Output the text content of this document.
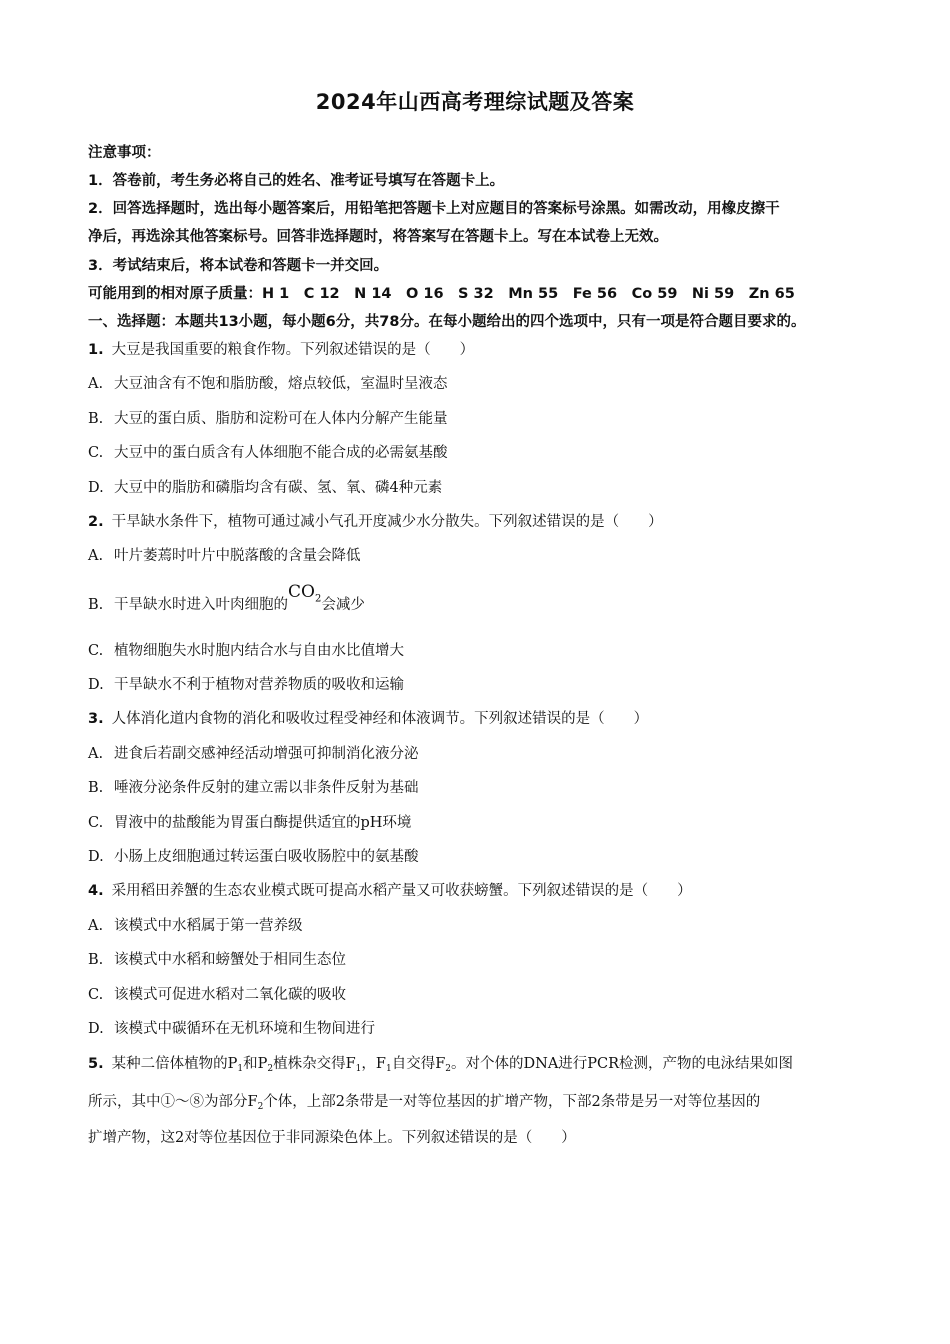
2024年山西高考理综试题及答案
注意事项：
1．答卷前，考生务必将自己的姓名、准考证号填写在答题卡上。
2．回答选择题时，选出每小题答案后，用铅笔把答题卡上对应题目的答案标号涂黑。如需改动，用橡皮擦干
净后，再选涂其他答案标号。回答非选择题时，将答案写在答题卡上。写在本试卷上无效。
3．考试结束后，将本试卷和答题卡一并交回。
可能用到的相对原子质量：H 1　C 12　N 14　O 16　S 32　Mn 55　Fe 56　Co 59　Ni 59　Zn 65
一、选择题：本题共13小题，每小题6分，共78分。在每小题给出的四个选项中，只有一项是符合题目要求的。
1. 大豆是我国重要的粮食作物。下列叙述错误的是（　　）
A. 大豆油含有不饱和脂肪酸，熔点较低，室温时呈液态
B. 大豆的蛋白质、脂肪和淀粉可在人体内分解产生能量
C. 大豆中的蛋白质含有人体细胞不能合成的必需氨基酸
D. 大豆中的脂肪和磷脂均含有碳、氢、氧、磷4种元素
2. 干旱缺水条件下，植物可通过减小气孔开度减少水分散失。下列叙述错误的是（　　）
A. 叶片萎蔫时叶片中脱落酸的含量会降低
B. 干旱缺水时进入叶肉细胞的$CO_2$会减少
C. 植物细胞失水时胞内结合水与自由水比值增大
D. 干旱缺水不利于植物对营养物质的吸收和运输
3. 人体消化道内食物的消化和吸收过程受神经和体液调节。下列叙述错误的是（　　）
A. 进食后若副交感神经活动增强可抑制消化液分泌
B. 唾液分泌条件反射的建立需以非条件反射为基础
C. 胃液中的盐酸能为胃蛋白酶提供适宜的pH环境
D. 小肠上皮细胞通过转运蛋白吸收肠腔中的氨基酸
4. 采用稻田养蟹的生态农业模式既可提高水稻产量又可收获螃蟹。下列叙述错误的是（　　）
A. 该模式中水稻属于第一营养级
B. 该模式中水稻和螃蟹处于相同生态位
C. 该模式可促进水稻对二氧化碳的吸收
D. 该模式中碳循环在无机环境和生物间进行
5. 某种二倍体植物的$P_1$和$P_2$植株杂交得$F_1$，$F_1$自交得$F_2$。对个体的DNA进行PCR检测，产物的电泳结果如图
所示，其中①～⑧为部分$F_2$个体，上部2条带是一对等位基因的扩增产物，下部2条带是另一对等位基因的
扩增产物，这2对等位基因位于非同源染色体上。下列叙述错误的是（　　）
